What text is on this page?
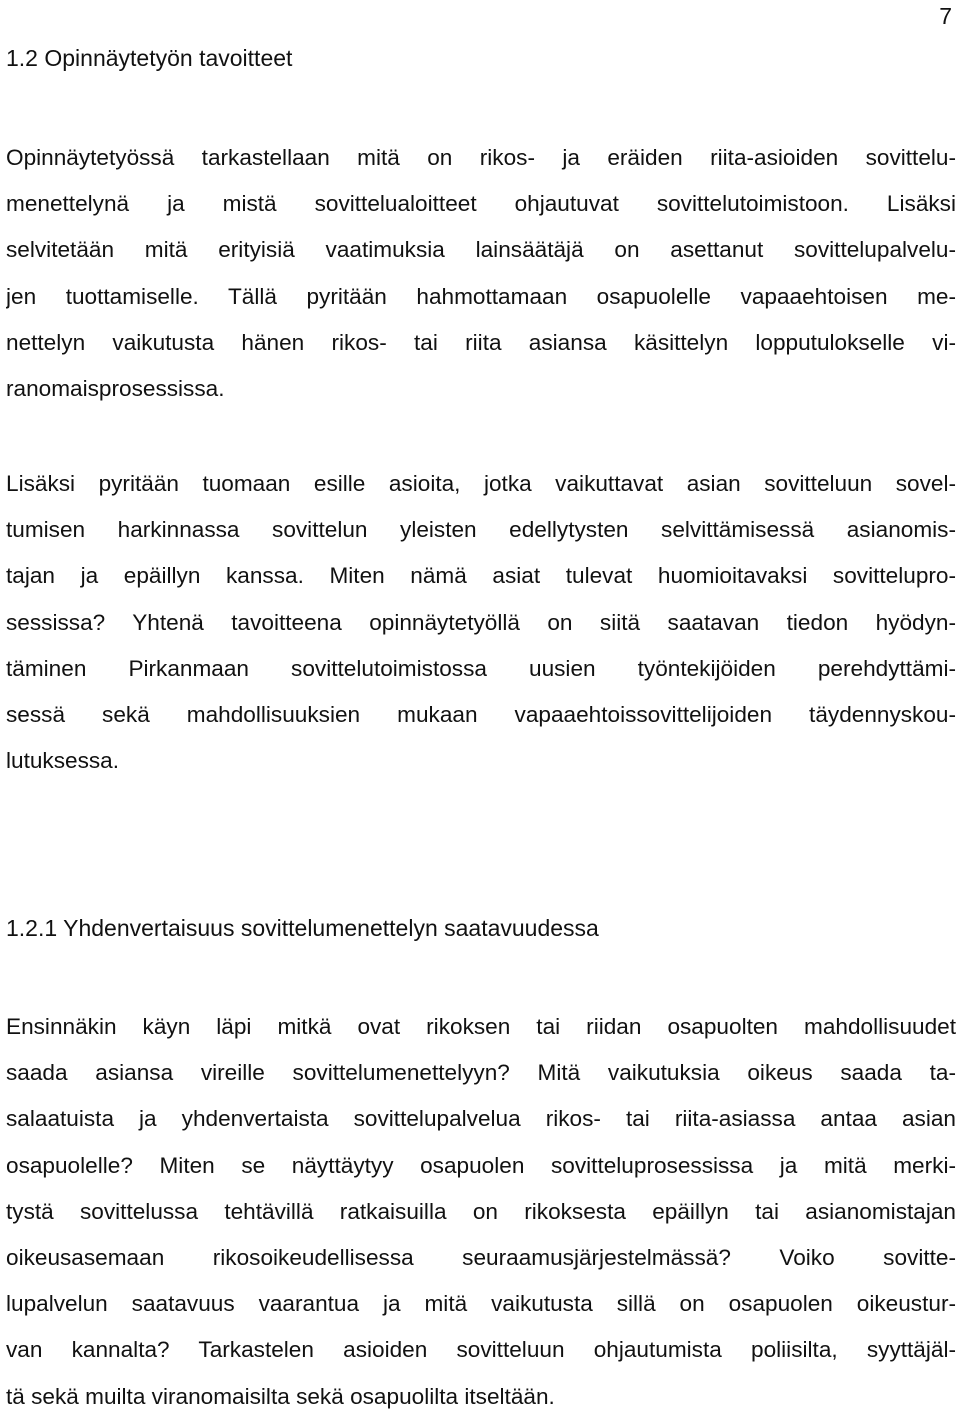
7
1.2 Opinnäytetyön tavoitteet
Opinnäytetyössä tarkastellaan mitä on rikos- ja eräiden riita-asioiden sovittelu-
menettelynä ja mistä sovittelualoitteet ohjautuvat sovittelutoimistoon. Lisäksi
selvitetään mitä erityisiä vaatimuksia lainsäätäjä on asettanut sovittelupalvelu-
jen tuottamiselle. Tällä pyritään hahmottamaan osapuolelle vapaaehtoisen me-
nettelyn vaikutusta hänen rikos- tai riita asiansa käsittelyn lopputulokselle vi-
ranomaisprosessissa.
Lisäksi pyritään tuomaan esille asioita, jotka vaikuttavat asian sovitteluun sovel-
tumisen harkinnassa sovittelun yleisten edellytysten selvittämisessä asianomis-
tajan ja epäillyn kanssa. Miten nämä asiat tulevat huomioitavaksi sovittelupro-
sessissa? Yhtenä tavoitteena opinnäytetyöllä on siitä saatavan tiedon hyödyn-
täminen Pirkanmaan sovittelutoimistossa uusien työntekijöiden perehdyttämi-
sessä sekä mahdollisuuksien mukaan vapaaehtoissovittelijoiden täydennyskou-
lutuksessa.
1.2.1 Yhdenvertaisuus sovittelumenettelyn saatavuudessa
Ensinnäkin käyn läpi mitkä ovat rikoksen tai riidan osapuolten mahdollisuudet
saada asiansa vireille sovittelumenettelyyn? Mitä vaikutuksia oikeus saada ta-
salaatuista ja yhdenvertaista sovittelupalvelua rikos- tai riita-asiassa antaa asian
osapuolelle? Miten se näyttäytyy osapuolen sovitteluprosessissa ja mitä merki-
tystä sovittelussa tehtävillä ratkaisuilla on rikoksesta epäillyn tai asianomistajan
oikeusasemaan rikosoikeudellisessa seuraamusjärjestelmässä? Voiko sovitte-
lupalvelun saatavuus vaarantua ja mitä vaikutusta sillä on osapuolen oikeustur-
van kannalta? Tarkastelen asioiden sovitteluun ohjautumista poliisilta, syyttäjäl-
tä sekä muilta viranomaisilta sekä osapuolilta itseltään.
